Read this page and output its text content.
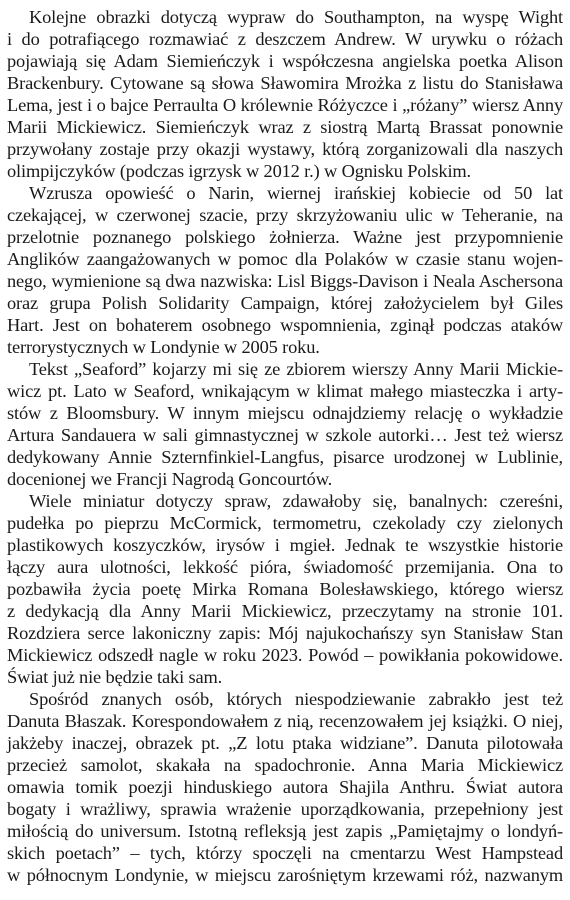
Kolejne obrazki dotyczą wypraw do Southampton, na wyspę Wight
i do potrafiącego rozmawiać z deszczem Andrew. W urywku o różach
pojawiają się Adam Siemieńczyk i współczesna angielska poetka Alison
Brackenbury. Cytowane są słowa Sławomira Mrożka z listu do Stanisława
Lema, jest i o bajce Perraulta O królewnie Różyczce i „różany” wiersz Anny
Marii Mickiewicz. Siemieńczyk wraz z siostrą Martą Brassat ponownie
przywołany zostaje przy okazji wystawy, którą zorganizowali dla naszych
olimpijczyków (podczas igrzysk w 2012 r.) w Ognisku Polskim.
Wzrusza opowieść o Narin, wiernej irańskiej kobiecie od 50 lat
czekającej, w czerwonej szacie, przy skrzyżowaniu ulic w Teheranie, na
przelotnie poznanego polskiego żołnierza. Ważne jest przypomnienie
Anglików zaangażowanych w pomoc dla Polaków w czasie stanu wojen-
nego, wymienione są dwa nazwiska: Lisl Biggs-Davison i Neala Aschersona
oraz grupa Polish Solidarity Campaign, której założycielem był Giles
Hart. Jest on bohaterem osobnego wspomnienia, zginął podczas ataków
terrorystycznych w Londynie w 2005 roku.
Tekst „Seaford” kojarzy mi się ze zbiorem wierszy Anny Marii Mickie-
wicz pt. Lato w Seaford, wnikającym w klimat małego miasteczka i arty-
stów z Bloomsbury. W innym miejscu odnajdziemy relację o wykładzie
Artura Sandauera w sali gimnastycznej w szkole autorki… Jest też wiersz
dedykowany Annie Szternfinkiel-Langfus, pisarce urodzonej w Lublinie,
docenionej we Francji Nagrodą Goncourtów.
Wiele miniatur dotyczy spraw, zdawałoby się, banalnych: czereśni,
pudełka po pieprzu McCormick, termometru, czekolady czy zielonych
plastikowych koszyczków, irysów i mgieł. Jednak te wszystkie historie
łączy aura ulotności, lekkość pióra, świadomość przemijania. Ona to
pozbawiła życia poetę Mirka Romana Bolesławskiego, którego wiersz
z dedykacją dla Anny Marii Mickiewicz, przeczytamy na stronie 101.
Rozdziera serce lakoniczny zapis: Mój najukochańszy syn Stanisław Stan
Mickiewicz odszedł nagle w roku 2023. Powód – powikłania pokowidowe.
Świat już nie będzie taki sam.
Spośród znanych osób, których niespodziewanie zabrakło jest też
Danuta Błaszak. Korespondowałem z nią, recenzowałem jej książki. O niej,
jakżeby inaczej, obrazek pt. „Z lotu ptaka widziane”. Danuta pilotowała
przecież samolot, skakała na spadochronie. Anna Maria Mickiewicz
omawia tomik poezji hinduskiego autora Shajila Anthru. Świat autora
bogaty i wrażliwy, sprawia wrażenie uporządkowania, przepełniony jest
miłością do universum. Istotną refleksją jest zapis „Pamiętajmy o londyń-
skich poetach” – tych, którzy spoczęli na cmentarzu West Hampstead
w północnym Londynie, w miejscu zarośniętym krzewami róż, nazwanym
